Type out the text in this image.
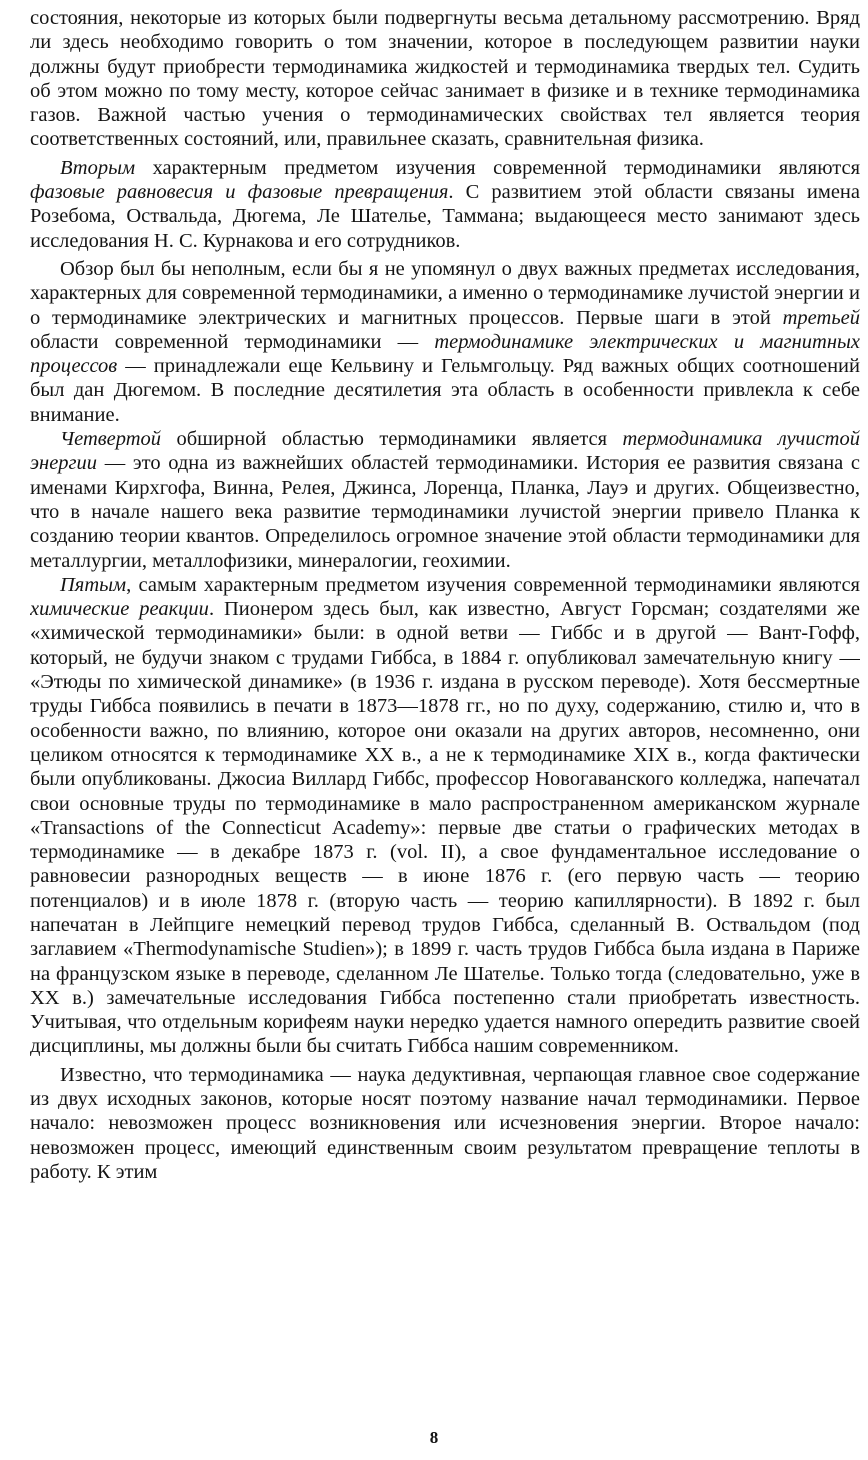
состояния, некоторые из которых были подвергнуты весьма детальному рассмотрению. Вряд ли здесь необходимо говорить о том значении, которое в последующем развитии науки должны будут приобрести термодинамика жидкостей и термодинамика твердых тел. Судить об этом можно по тому месту, которое сейчас занимает в физике и в технике термодинамика газов. Важной частью учения о термодинамических свойствах тел является теория соответственных состояний, или, правильнее сказать, сравнительная физика.

Вторым характерным предметом изучения современной термодинамики являются фазовые равновесия и фазовые превращения. С развитием этой области связаны имена Розебома, Оствальда, Дюгема, Ле Шателье, Таммана; выдающееся место занимают здесь исследования Н. С. Курнакова и его сотрудников.

Обзор был бы неполным, если бы я не упомянул о двух важных предметах исследования, характерных для современной термодинамики, а именно о термодинамике лучистой энергии и о термодинамике электрических и магнитных процессов. Первые шаги в этой третьей области современной термодинамики — термодинамике электрических и магнитных процессов — принадлежали еще Кельвину и Гельмгольцу. Ряд важных общих соотношений был дан Дюгемом. В последние десятилетия эта область в особенности привлекла к себе внимание.

Четвертой обширной областью термодинамики является термодинамика лучистой энергии — это одна из важнейших областей термодинамики. История ее развития связана с именами Кирхгофа, Винна, Релея, Джинса, Лоренца, Планка, Лауэ и других. Общеизвестно, что в начале нашего века развитие термодинамики лучистой энергии привело Планка к созданию теории квантов. Определилось огромное значение этой области термодинамики для металлургии, металлофизики, минералогии, геохимии.

Пятым, самым характерным предметом изучения современной термодинамики являются химические реакции. Пионером здесь был, как известно, Август Горсман; создателями же «химической термодинамики» были: в одной ветви — Гиббс и в другой — Вант-Гофф, который, не будучи знаком с трудами Гиббса, в 1884 г. опубликовал замечательную книгу — «Этюды по химической динамике» (в 1936 г. издана в русском переводе). Хотя бессмертные труды Гиббса появились в печати в 1873—1878 гг., но по духу, содержанию, стилю и, что в особенности важно, по влиянию, которое они оказали на других авторов, несомненно, они целиком относятся к термодинамике XX в., а не к термодинамике XIX в., когда фактически были опубликованы. Джосиа Виллард Гиббс, профессор Новогаванского колледжа, напечатал свои основные труды по термодинамике в мало распространенном американском журнале «Transactions of the Connecticut Academy»: первые две статьи о графических методах в термодинамике — в декабре 1873 г. (vol. II), а свое фундаментальное исследование о равновесии разнородных веществ — в июне 1876 г. (его первую часть — теорию потенциалов) и в июле 1878 г. (вторую часть — теорию капиллярности). В 1892 г. был напечатан в Лейпциге немецкий перевод трудов Гиббса, сделанный В. Оствальдом (под заглавием «Thermodynamische Studien»); в 1899 г. часть трудов Гиббса была издана в Париже на французском языке в переводе, сделанном Ле Шателье. Только тогда (следовательно, уже в XX в.) замечательные исследования Гиббса постепенно стали приобретать известность. Учитывая, что отдельным корифеям науки нередко удается намного опередить развитие своей дисциплины, мы должны были бы считать Гиббса нашим современником.

Известно, что термодинамика — наука дедуктивная, черпающая главное свое содержание из двух исходных законов, которые носят поэтому название начал термодинамики. Первое начало: невозможен процесс возникновения или исчезновения энергии. Второе начало: невозможен процесс, имеющий единственным своим результатом превращение теплоты в работу. К этим

8
